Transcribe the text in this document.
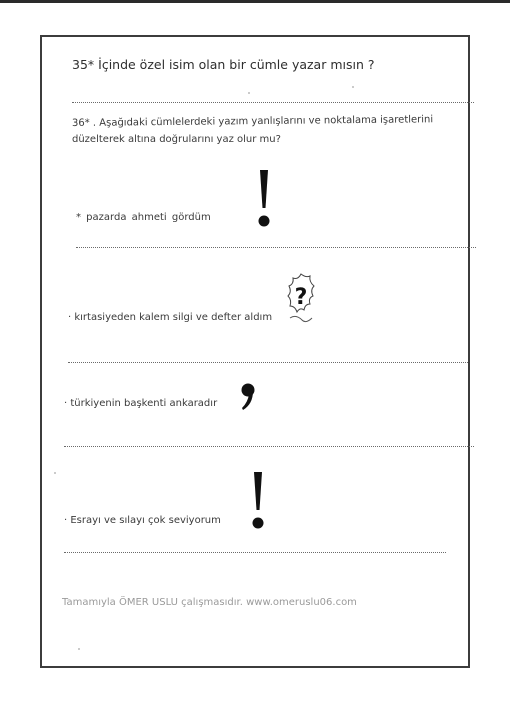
35* İçinde özel isim olan bir cümle yazar mısın ?
36* . Aşağıdaki cümlelerdeki yazım yanlışlarını ve noktalama işaretlerini
düzelterek altına doğrularını yaz olur mu?
* pazarda ahmeti gördüm
· kırtasiyeden kalem silgi ve defter aldım
?
· türkiyenin başkenti ankaradır
· Esrayı ve sılayı çok seviyorum
Tamamıyla ÖMER USLU çalışmasıdır. www.omeruslu06.com
